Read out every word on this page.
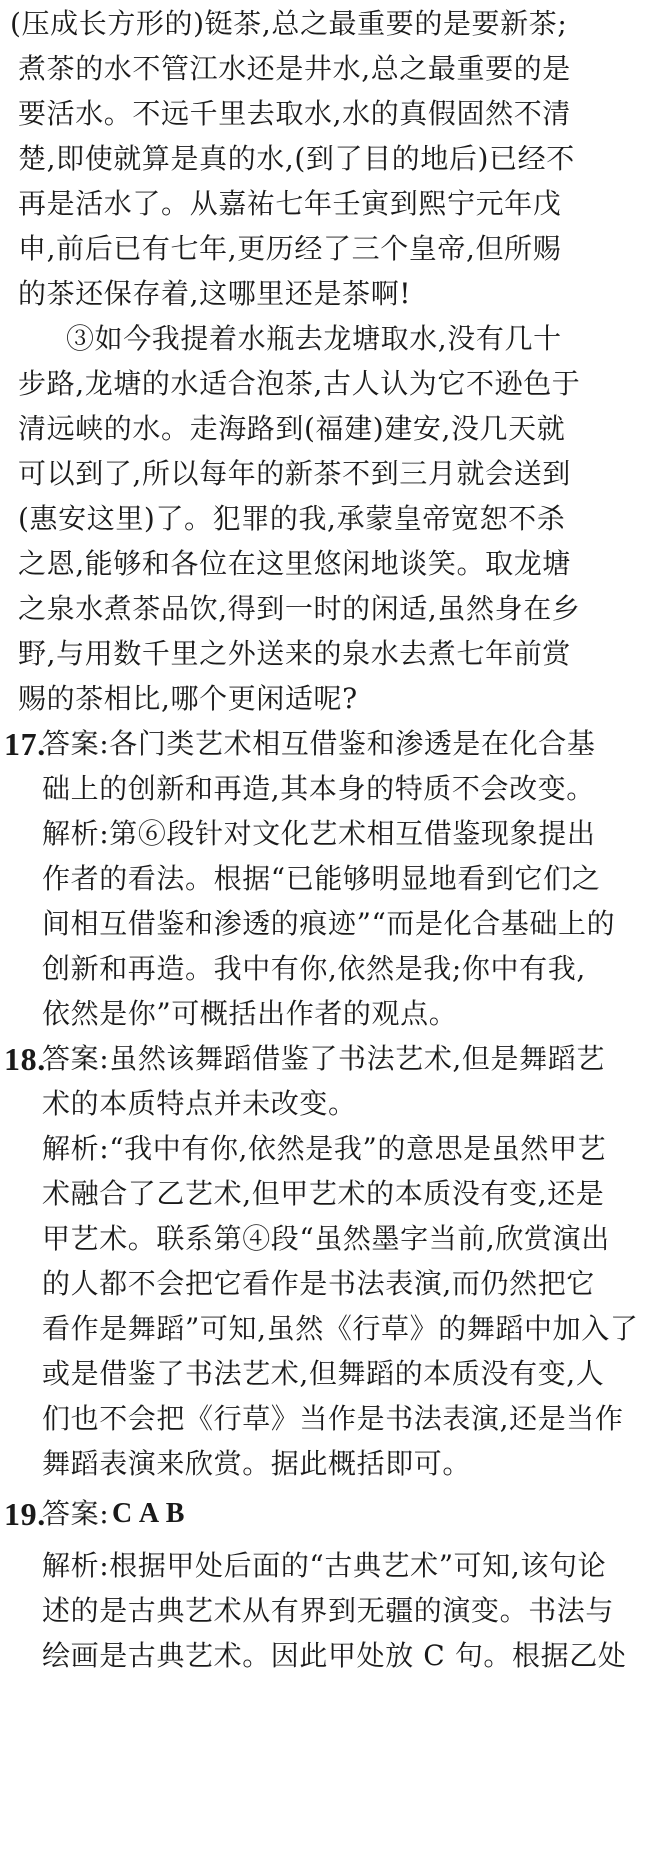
(压成长方形的)铤茶,总之最重要的是要新茶;
煮茶的水不管江水还是井水,总之最重要的是
要活水。不远千里去取水,水的真假固然不清
楚,即使就算是真的水,(到了目的地后)已经不
再是活水了。从嘉祐七年壬寅到熙宁元年戊
申,前后已有七年,更历经了三个皇帝,但所赐
的茶还保存着,这哪里还是茶啊!
③如今我提着水瓶去龙塘取水,没有几十
步路,龙塘的水适合泡茶,古人认为它不逊色于
清远峡的水。走海路到(福建)建安,没几天就
可以到了,所以每年的新茶不到三月就会送到
(惠安这里)了。犯罪的我,承蒙皇帝宽恕不杀
之恩,能够和各位在这里悠闲地谈笑。取龙塘
之泉水煮茶品饮,得到一时的闲适,虽然身在乡
野,与用数千里之外送来的泉水去煮七年前赏
赐的茶相比,哪个更闲适呢?
17.
答案:各门类艺术相互借鉴和渗透是在化合基
础上的创新和再造,其本身的特质不会改变。
解析:第⑥段针对文化艺术相互借鉴现象提出
作者的看法。根据“已能够明显地看到它们之
间相互借鉴和渗透的痕迹”“而是化合基础上的
创新和再造。我中有你,依然是我;你中有我,
依然是你”可概括出作者的观点。
18.
答案:虽然该舞蹈借鉴了书法艺术,但是舞蹈艺
术的本质特点并未改变。
解析:“我中有你,依然是我”的意思是虽然甲艺
术融合了乙艺术,但甲艺术的本质没有变,还是
甲艺术。联系第④段“虽然墨字当前,欣赏演出
的人都不会把它看作是书法表演,而仍然把它
看作是舞蹈”可知,虽然《行草》的舞蹈中加入了
或是借鉴了书法艺术,但舞蹈的本质没有变,人
们也不会把《行草》当作是书法表演,还是当作
舞蹈表演来欣赏。据此概括即可。
19.
答案: C A B
解析:根据甲处后面的“古典艺术”可知,该句论
述的是古典艺术从有界到无疆的演变。书法与
绘画是古典艺术。因此甲处放 C 句。根据乙处
